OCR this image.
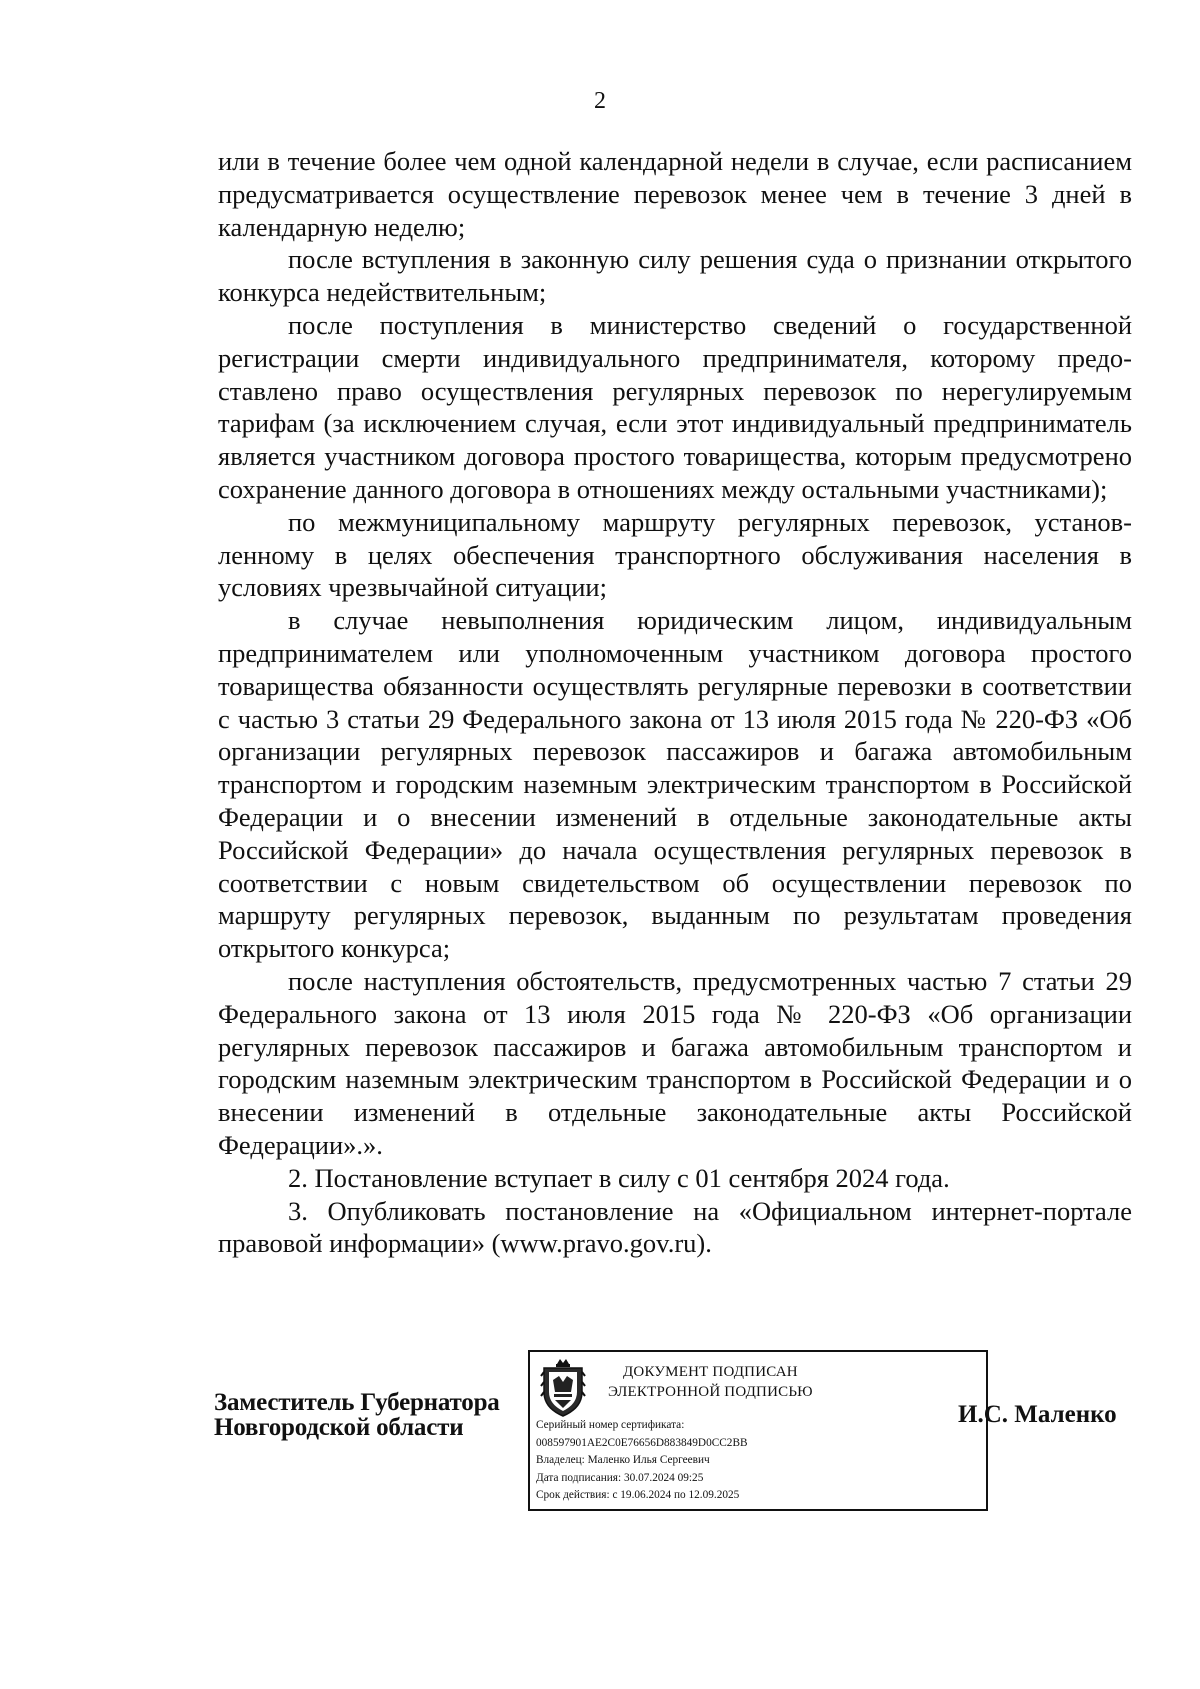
2

или в течение более чем одной календарной недели в случае, если расписанием предусматривается осуществление перевозок менее чем в течение 3 дней в календарную неделю;

после вступления в законную силу решения суда о признании открытого конкурса недействительным;

после поступления в министерство сведений о государственной регистрации смерти индивидуального предпринимателя, которому предоставлено право осуществления регулярных перевозок по нерегулируемым тарифам (за исключением случая, если этот индивидуальный предприниматель является участником договора простого товарищества, которым предусмотрено сохранение данного договора в отношениях между остальными участниками);

по межмуниципальному маршруту регулярных перевозок, установленному в целях обеспечения транспортного обслуживания населения в условиях чрезвычайной ситуации;

в случае невыполнения юридическим лицом, индивидуальным предпринимателем или уполномоченным участником договора простого товарищества обязанности осуществлять регулярные перевозки в соответствии с частью 3 статьи 29 Федерального закона от 13 июля 2015 года № 220-ФЗ «Об организации регулярных перевозок пассажиров и багажа автомобильным транспортом и городским наземным электрическим транспортом в Российской Федерации и о внесении изменений в отдельные законодательные акты Российской Федерации» до начала осуществления регулярных перевозок в соответствии с новым свидетельством об осуществлении перевозок по маршруту регулярных перевозок, выданным по результатам проведения открытого конкурса;

после наступления обстоятельств, предусмотренных частью 7 статьи 29 Федерального закона от 13 июля 2015 года № 220-ФЗ «Об организации регулярных перевозок пассажиров и багажа автомобильным транспортом и городским наземным электрическим транспортом в Российской Федерации и о внесении изменений в отдельные законодательные акты Российской Федерации».».

2. Постановление вступает в силу с 01 сентября 2024 года.

3. Опубликовать постановление на «Официальном интернет-портале правовой информации» (www.pravo.gov.ru).

Заместитель Губернатора
Новгородской области
ДОКУМЕНТ ПОДПИСАН
ЭЛЕКТРОННОЙ ПОДПИСЬЮ
Серийный номер сертификата:
008597901AE2C0E76656D883849D0CC2BB
Владелец: Маленко Илья Сергеевич
Дата подписания: 30.07.2024 09:25
Срок действия: с 19.06.2024 по 12.09.2025
И.С. Маленко
